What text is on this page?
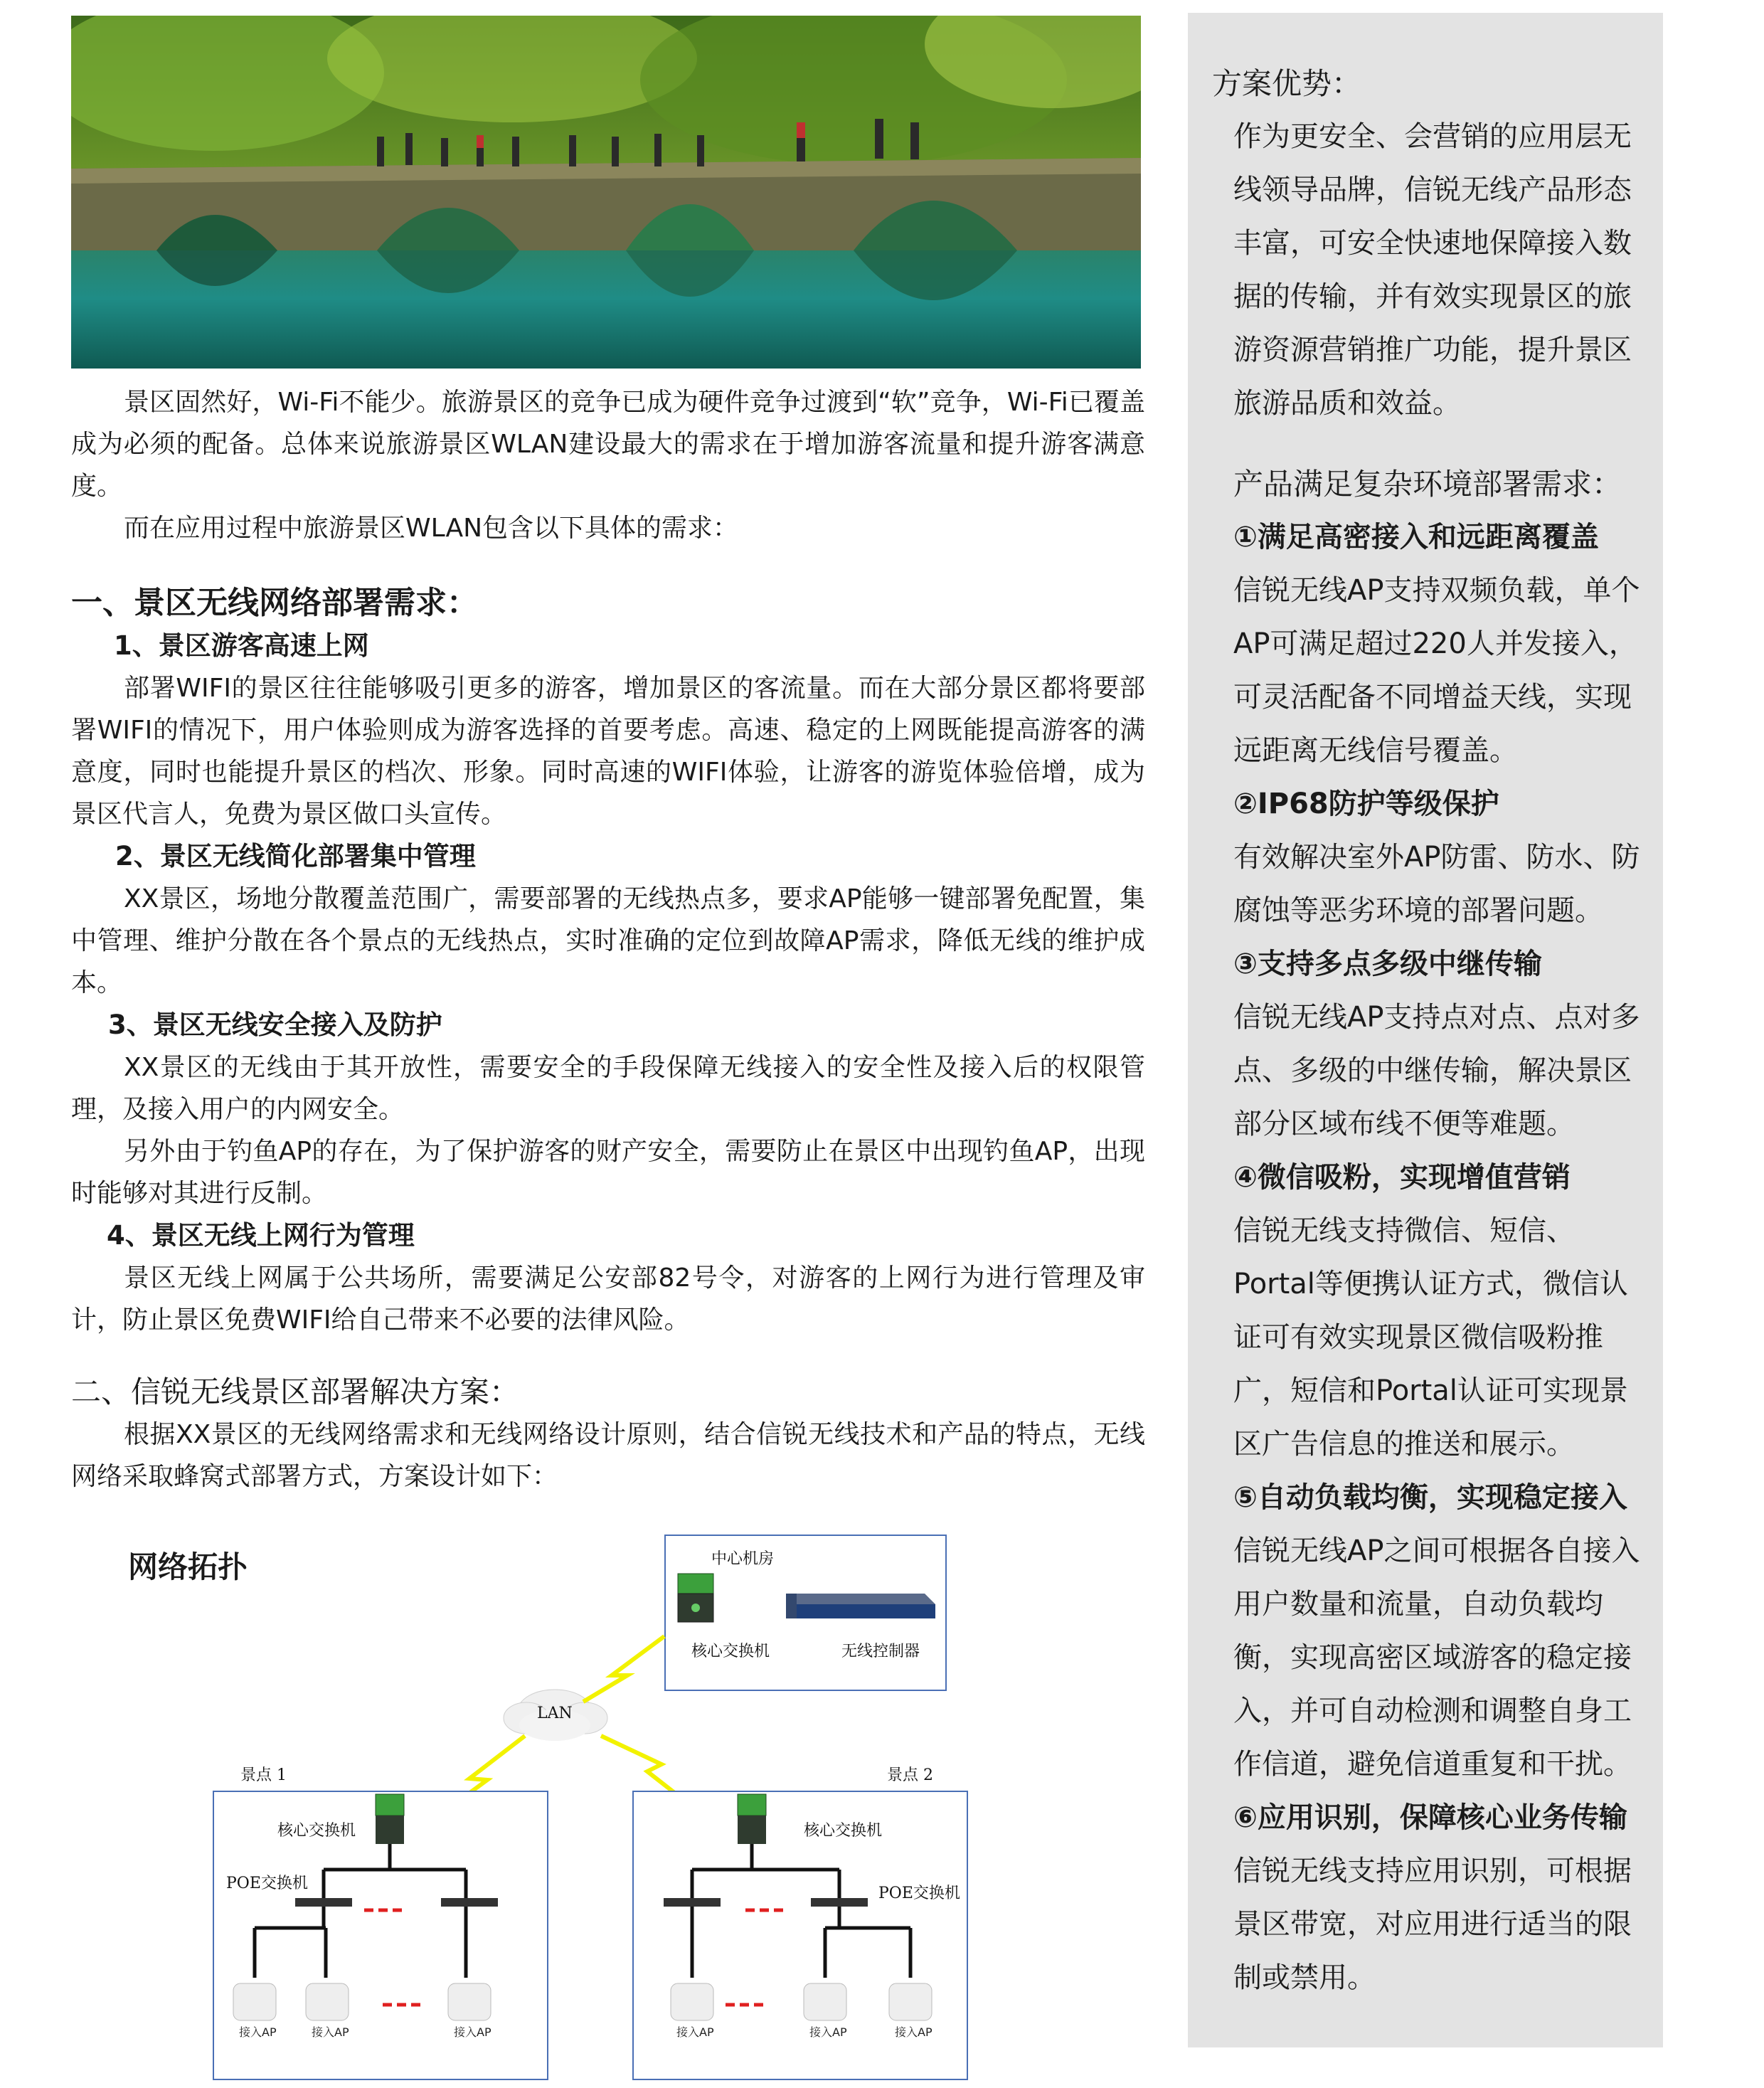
景区固然好，Wi-Fi不能少。旅游景区的竞争已成为硬件竞争过渡到“软”竞争，Wi-Fi已覆盖成为必须的配备。总体来说旅游景区WLAN建设最大的需求在于增加游客流量和提升游客满意度。

而在应用过程中旅游景区WLAN包含以下具体的需求：

一、景区无线网络部署需求：

1、景区游客高速上网

部署WIFI的景区往往能够吸引更多的游客，增加景区的客流量。而在大部分景区都将要部署WIFI的情况下，用户体验则成为游客选择的首要考虑。高速、稳定的上网既能提高游客的满意度，同时也能提升景区的档次、形象。同时高速的WIFI体验，让游客的游览体验倍增，成为景区代言人，免费为景区做口头宣传。

2、景区无线简化部署集中管理

XX景区，场地分散覆盖范围广，需要部署的无线热点多，要求AP能够一键部署免配置，集中管理、维护分散在各个景点的无线热点，实时准确的定位到故障AP需求，降低无线的维护成本。

3、景区无线安全接入及防护

XX景区的无线由于其开放性，需要安全的手段保障无线接入的安全性及接入后的权限管理，及接入用户的内网安全。

另外由于钓鱼AP的存在，为了保护游客的财产安全，需要防止在景区中出现钓鱼AP，出现时能够对其进行反制。

4、景区无线上网行为管理

景区无线上网属于公共场所，需要满足公安部82号令，对游客的上网行为进行管理及审计，防止景区免费WIFI给自己带来不必要的法律风险。

二、信锐无线景区部署解决方案：

根据XX景区的无线网络需求和无线网络设计原则，结合信锐无线技术和产品的特点，无线网络采取蜂窝式部署方式，方案设计如下：

网络拓扑	中心机房
核心交换机	无线控制器
LAN
景点 1	景点 2
核心交换机
POE交换机
接入AP	接入AP	接入AP
核心交换机
POE交换机
接入AP	接入AP	接入AP

方案优势：

作为更安全、会营销的应用层无线领导品牌，信锐无线产品形态丰富，可安全快速地保障接入数据的传输，并有效实现景区的旅游资源营销推广功能，提升景区旅游品质和效益。

产品满足复杂环境部署需求：

①满足高密接入和远距离覆盖

信锐无线AP支持双频负载，单个AP可满足超过220人并发接入，可灵活配备不同增益天线，实现远距离无线信号覆盖。

②IP68防护等级保护

有效解决室外AP防雷、防水、防腐蚀等恶劣环境的部署问题。

③支持多点多级中继传输

信锐无线AP支持点对点、点对多点、多级的中继传输，解决景区部分区域布线不便等难题。

④微信吸粉，实现增值营销

信锐无线支持微信、短信、Portal等便携认证方式，微信认证可有效实现景区微信吸粉推广，短信和Portal认证可实现景区广告信息的推送和展示。

⑤自动负载均衡，实现稳定接入

信锐无线AP之间可根据各自接入用户数量和流量，自动负载均衡，实现高密区域游客的稳定接入，并可自动检测和调整自身工作信道，避免信道重复和干扰。

⑥应用识别，保障核心业务传输

信锐无线支持应用识别，可根据景区带宽，对应用进行适当的限制或禁用。
